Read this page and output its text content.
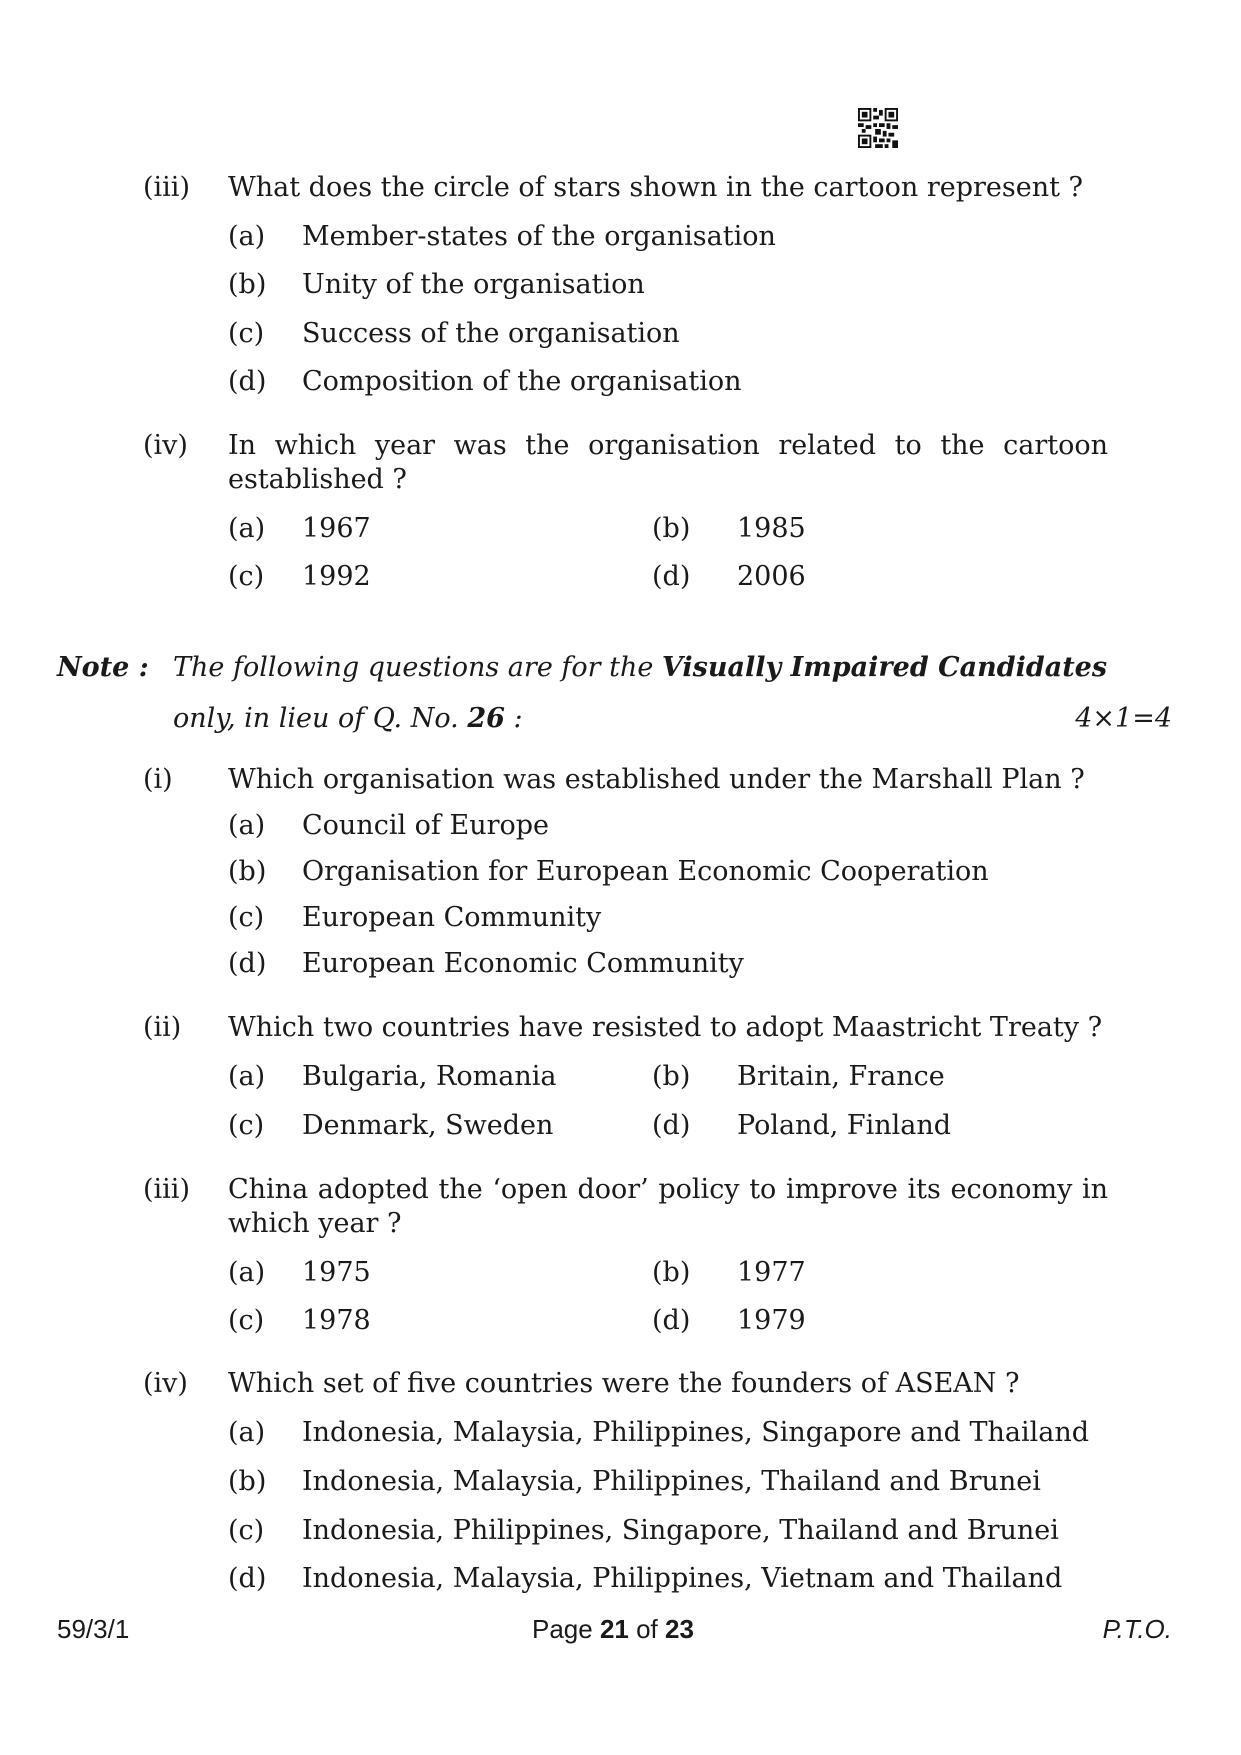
(iii) What does the circle of stars shown in the cartoon represent ?
(a) Member-states of the organisation
(b) Unity of the organisation
(c) Success of the organisation
(d) Composition of the organisation
(iv) In which year was the organisation related to the cartoon
established ?
(a) 1967	(b) 1985
(c) 1992	(d) 2006
Note : The following questions are for the Visually Impaired Candidates
only, in lieu of Q. No. 26 :	4×1=4
(i) Which organisation was established under the Marshall Plan ?
(a) Council of Europe
(b) Organisation for European Economic Cooperation
(c) European Community
(d) European Economic Community
(ii) Which two countries have resisted to adopt Maastricht Treaty ?
(a) Bulgaria, Romania	(b) Britain, France
(c) Denmark, Sweden	(d) Poland, Finland
(iii) China adopted the ‘open door’ policy to improve its economy in
which year ?
(a) 1975	(b) 1977
(c) 1978	(d) 1979
(iv) Which set of five countries were the founders of ASEAN ?
(a) Indonesia, Malaysia, Philippines, Singapore and Thailand
(b) Indonesia, Malaysia, Philippines, Thailand and Brunei
(c) Indonesia, Philippines, Singapore, Thailand and Brunei
(d) Indonesia, Malaysia, Philippines, Vietnam and Thailand
59/3/1	Page 21 of 23	P.T.O.
